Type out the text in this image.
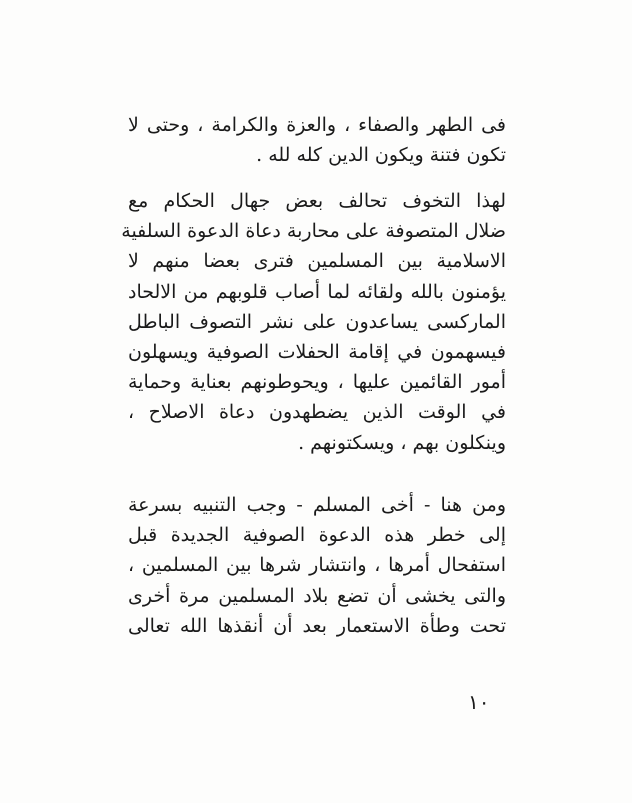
فى الطهر والصفاء ، والعزة والكرامة ، وحتى لا
تكون فتنة ويكون الدين كله لله .
لهذا التخوف تحالف بعض جهال الحكام مع
ضلال المتصوفة على محاربة دعاة الدعوة السلفية
الاسلامية بين المسلمين فترى بعضا منهم لا
يؤمنون بالله ولقائه لما أصاب قلوبهم من الالحاد
الماركسى يساعدون على نشر التصوف الباطل
فيسهمون في إقامة الحفلات الصوفية ويسهلون
أمور القائمين عليها ، ويحوطونهم بعناية وحماية
في الوقت الذين يضطهدون دعاة الاصلاح ،
وينكلون بهم ، ويسكتونهم .
ومن هنا - أخى المسلم - وجب التنبيه بسرعة
إلى خطر هذه الدعوة الصوفية الجديدة قبل
استفحال أمرها ، وانتشار شرها بين المسلمين ،
والتى يخشى أن تضع بلاد المسلمين مرة أخرى
تحت وطأة الاستعمار بعد أن أنقذها الله تعالى
١٠
